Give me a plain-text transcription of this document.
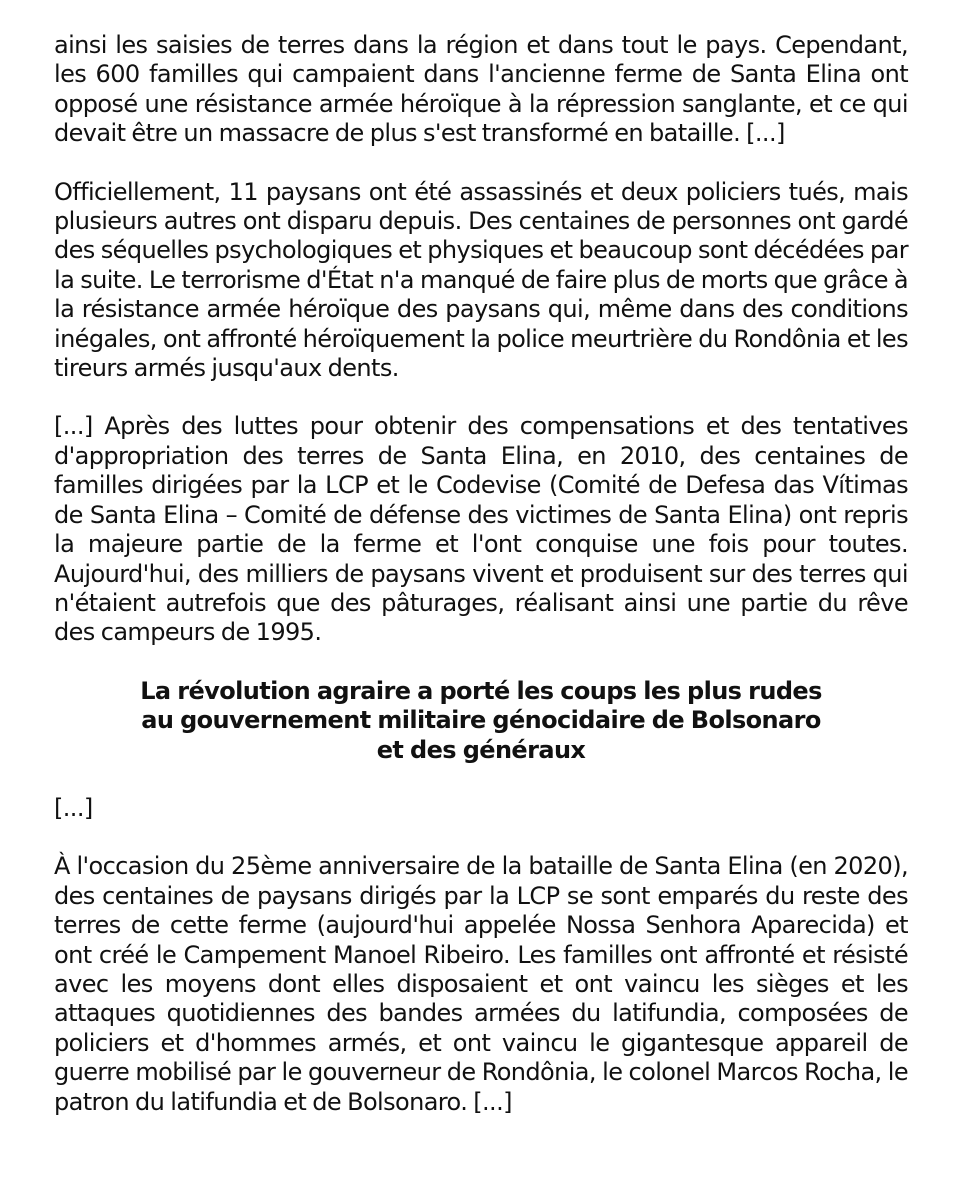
ainsi les saisies de terres dans la région et dans tout le pays. Cependant, les 600 familles qui campaient dans l'ancienne ferme de Santa Elina ont opposé une résistance armée héroïque à la répression sanglante, et ce qui devait être un massacre de plus s'est transformé en bataille. [...]

Officiellement, 11 paysans ont été assassinés et deux policiers tués, mais plusieurs autres ont disparu depuis. Des centaines de personnes ont gardé des séquelles psychologiques et physiques et beaucoup sont décédées par la suite. Le terrorisme d'État n'a manqué de faire plus de morts que grâce à la résistance armée héroïque des paysans qui, même dans des conditions inégales, ont affronté héroïquement la police meurtrière du Rondônia et les tireurs armés jusqu'aux dents.

[...] Après des luttes pour obtenir des compensations et des tentatives d'appropriation des terres de Santa Elina, en 2010, des centaines de familles dirigées par la LCP et le Codevise (Comité de Defesa das Vítimas de Santa Elina – Comité de défense des victimes de Santa Elina) ont repris la majeure partie de la ferme et l'ont conquise une fois pour toutes. Aujourd'hui, des milliers de paysans vivent et produisent sur des terres qui n'étaient autrefois que des pâturages, réalisant ainsi une partie du rêve des campeurs de 1995.

La révolution agraire a porté les coups les plus rudes
au gouvernement militaire génocidaire de Bolsonaro
et des généraux

[...]

À l'occasion du 25ème anniversaire de la bataille de Santa Elina (en 2020), des centaines de paysans dirigés par la LCP se sont emparés du reste des terres de cette ferme (aujourd'hui appelée Nossa Senhora Aparecida) et ont créé le Campement Manoel Ribeiro. Les familles ont affronté et résisté avec les moyens dont elles disposaient et ont vaincu les sièges et les attaques quotidiennes des bandes armées du latifundia, composées de policiers et d'hommes armés, et ont vaincu le gigantesque appareil de guerre mobilisé par le gouverneur de Rondônia, le colonel Marcos Rocha, le patron du latifundia et de Bolsonaro. [...]
